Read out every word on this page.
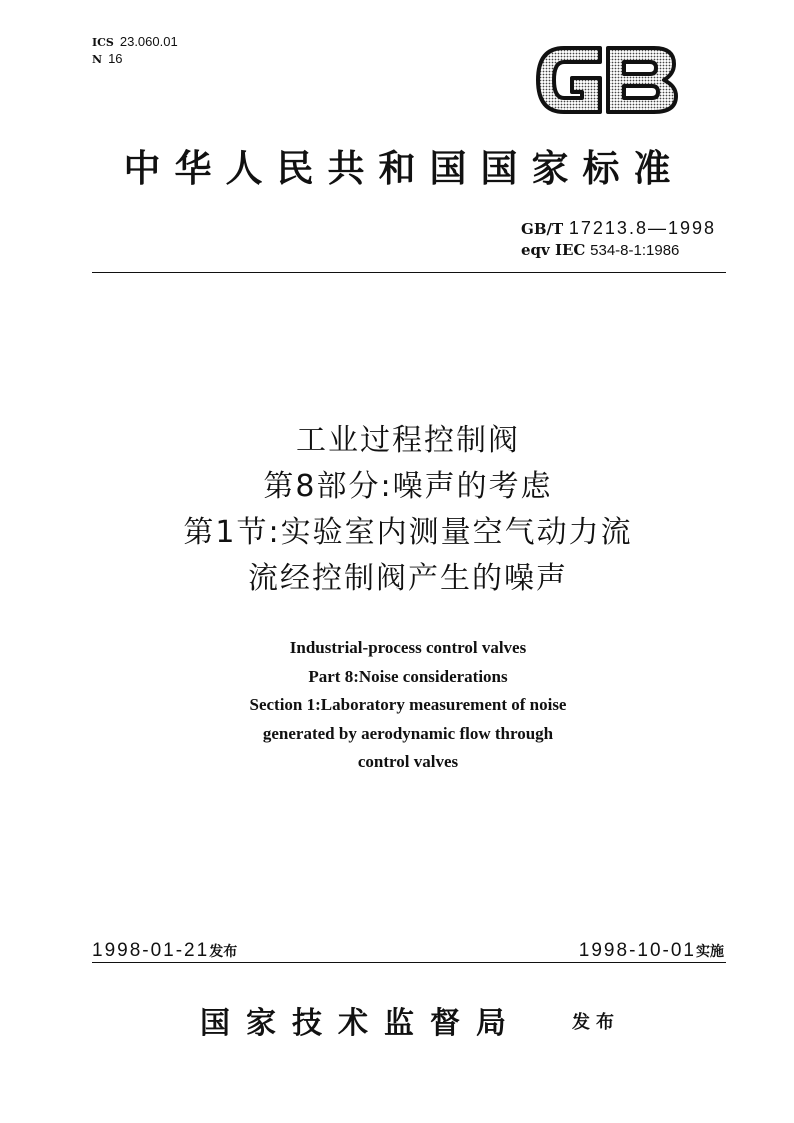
ICS 23.060.01
N 16
中华人民共和国国家标准
GB/T 17213.8—1998
eqv IEC 534-8-1:1986
工业过程控制阀
第8部分:噪声的考虑
第1节:实验室内测量空气动力流
流经控制阀产生的噪声
Industrial-process control valves
Part 8:Noise considerations
Section 1:Laboratory measurement of noise
generated by aerodynamic flow through
control valves
1998-01-21发布	1998-10-01实施
国家技术监督局	发布
